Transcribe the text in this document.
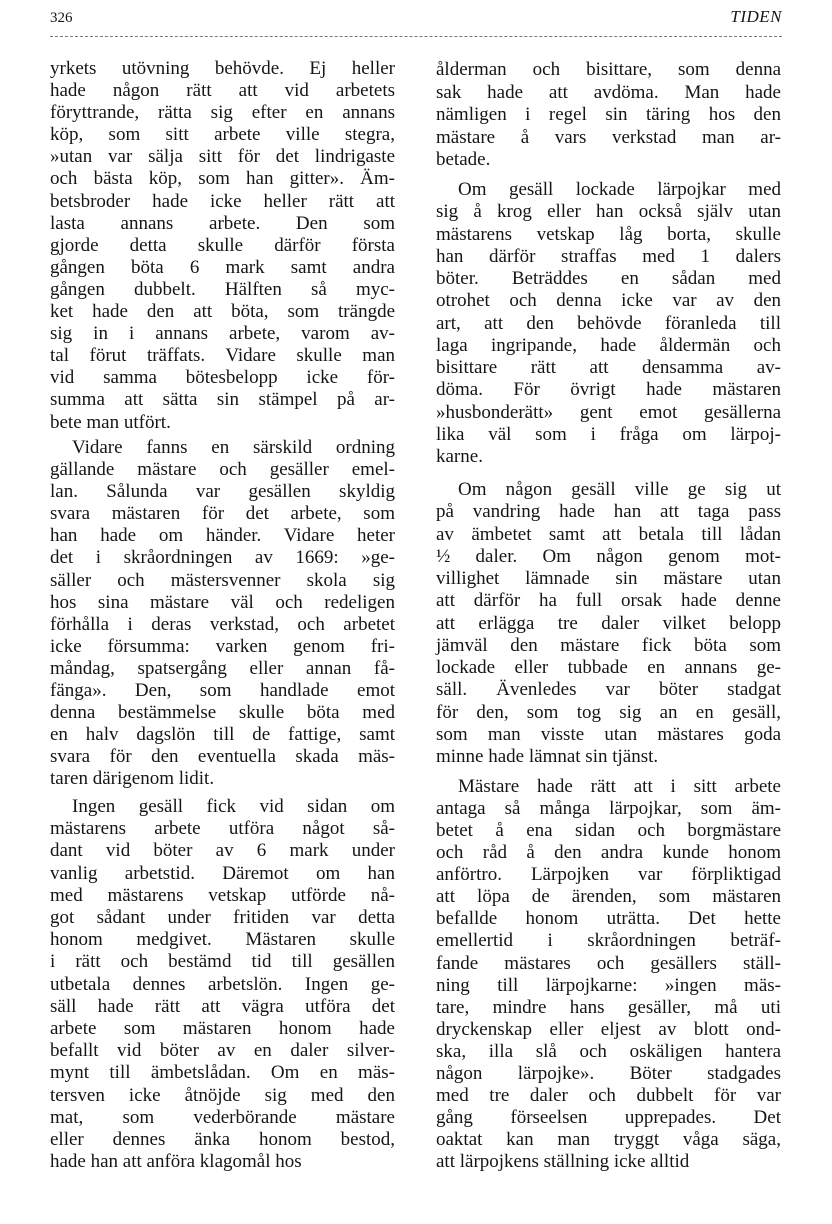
326	TIDEN
yrkets utövning behövde. Ej heller
hade någon rätt att vid arbetets
föryttrande, rätta sig efter en annans
köp, som sitt arbete ville stegra,
»utan var sälja sitt för det lindrigaste
och bästa köp, som han gitter». Äm-
betsbroder hade icke heller rätt att
lasta annans arbete. Den som
gjorde detta skulle därför första
gången böta 6 mark samt andra
gången dubbelt. Hälften så myc-
ket hade den att böta, som trängde
sig in i annans arbete, varom av-
tal förut träffats. Vidare skulle man
vid samma bötesbelopp icke för-
summa att sätta sin stämpel på ar-
bete man utfört.
Vidare fanns en särskild ordning
gällande mästare och gesäller emel-
lan. Sålunda var gesällen skyldig
svara mästaren för det arbete, som
han hade om händer. Vidare heter
det i skråordningen av 1669: »ge-
säller och mästersvenner skola sig
hos sina mästare väl och redeligen
förhålla i deras verkstad, och arbetet
icke försumma: varken genom fri-
måndag, spatsergång eller annan få-
fänga». Den, som handlade emot
denna bestämmelse skulle böta med
en halv dagslön till de fattige, samt
svara för den eventuella skada mäs-
taren därigenom lidit.
Ingen gesäll fick vid sidan om
mästarens arbete utföra något så-
dant vid böter av 6 mark under
vanlig arbetstid. Däremot om han
med mästarens vetskap utförde nå-
got sådant under fritiden var detta
honom medgivet. Mästaren skulle
i rätt och bestämd tid till gesällen
utbetala dennes arbetslön. Ingen ge-
säll hade rätt att vägra utföra det
arbete som mästaren honom hade
befallt vid böter av en daler silver-
mynt till ämbetslådan. Om en mäs-
tersven icke åtnöjde sig med den
mat, som vederbörande mästare
eller dennes änka honom bestod,
hade han att anföra klagomål hos
ålderman och bisittare, som denna
sak hade att avdöma. Man hade
nämligen i regel sin täring hos den
mästare å vars verkstad man ar-
betade.
Om gesäll lockade lärpojkar med
sig å krog eller han också själv utan
mästarens vetskap låg borta, skulle
han därför straffas med 1 dalers
böter. Beträddes en sådan med
otrohet och denna icke var av den
art, att den behövde föranleda till
laga ingripande, hade åldermän och
bisittare rätt att densamma av-
döma. För övrigt hade mästaren
»husbonderätt» gent emot gesällerna
lika väl som i fråga om lärpoj-
karne.
Om någon gesäll ville ge sig ut
på vandring hade han att taga pass
av ämbetet samt att betala till lådan
½ daler. Om någon genom mot-
villighet lämnade sin mästare utan
att därför ha full orsak hade denne
att erlägga tre daler vilket belopp
jämväl den mästare fick böta som
lockade eller tubbade en annans ge-
säll. Ävenledes var böter stadgat
för den, som tog sig an en gesäll,
som man visste utan mästares goda
minne hade lämnat sin tjänst.
Mästare hade rätt att i sitt arbete
antaga så många lärpojkar, som äm-
betet å ena sidan och borgmästare
och råd å den andra kunde honom
anförtro. Lärpojken var förpliktigad
att löpa de ärenden, som mästaren
befallde honom uträtta. Det hette
emellertid i skråordningen beträf-
fande mästares och gesällers ställ-
ning till lärpojkarne: »ingen mäs-
tare, mindre hans gesäller, må uti
dryckenskap eller eljest av blott ond-
ska, illa slå och oskäligen hantera
någon lärpojke». Böter stadgades
med tre daler och dubbelt för var
gång förseelsen upprepades. Det
oaktat kan man tryggt våga säga,
att lärpojkens ställning icke alltid
